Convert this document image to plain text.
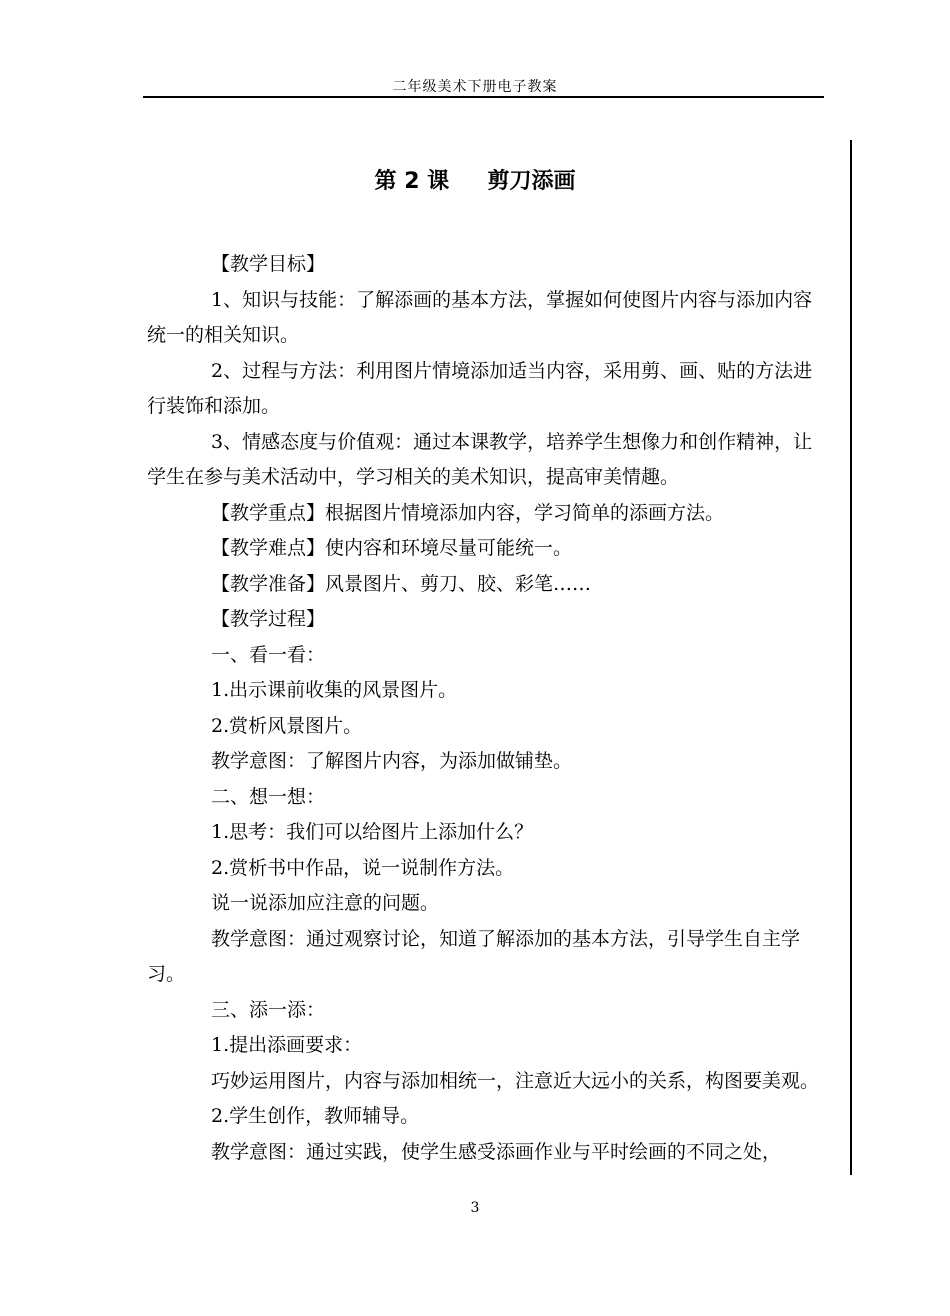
二年级美术下册电子教案
第 2 课     剪刀添画

【教学目标】

1、知识与技能：了解添画的基本方法，掌握如何使图片内容与添加内容统一的相关知识。

2、过程与方法：利用图片情境添加适当内容，采用剪、画、贴的方法进行装饰和添加。

3、情感态度与价值观：通过本课教学，培养学生想像力和创作精神，让学生在参与美术活动中，学习相关的美术知识，提高审美情趣。

【教学重点】根据图片情境添加内容，学习简单的添画方法。

【教学难点】使内容和环境尽量可能统一。

【教学准备】风景图片、剪刀、胶、彩笔……

【教学过程】

一、看一看：

1.出示课前收集的风景图片。

2.赏析风景图片。

教学意图：了解图片内容，为添加做铺垫。

二、想一想：

1.思考：我们可以给图片上添加什么？

2.赏析书中作品，说一说制作方法。

说一说添加应注意的问题。

教学意图：通过观察讨论，知道了解添加的基本方法，引导学生自主学习。

三、添一添：

1.提出添画要求：

巧妙运用图片，内容与添加相统一，注意近大远小的关系，构图要美观。

2.学生创作，教师辅导。

教学意图：通过实践，使学生感受添画作业与平时绘画的不同之处，

3
